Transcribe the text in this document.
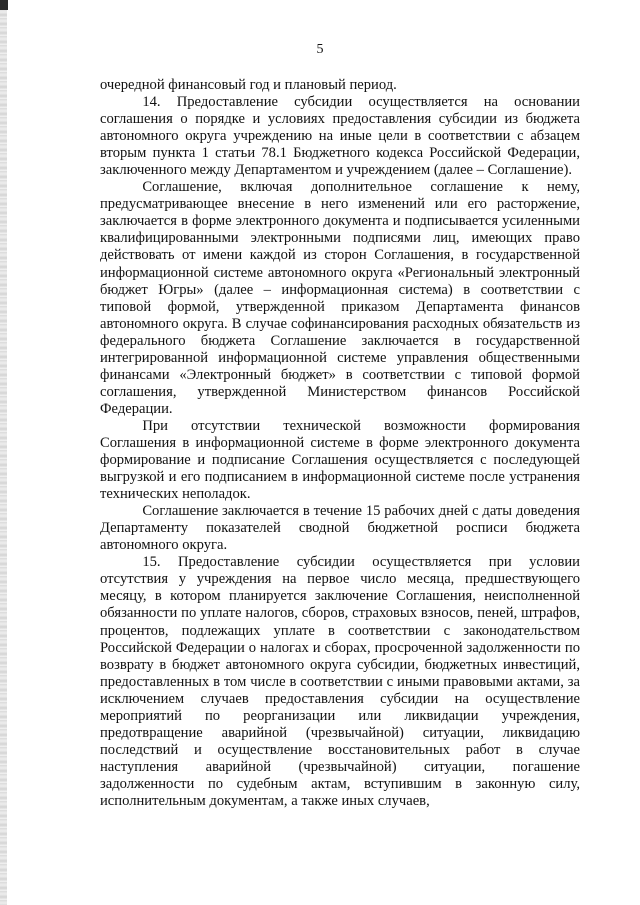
5

очередной финансовый год и плановый период.

14. Предоставление субсидии осуществляется на основании соглашения о порядке и условиях предоставления субсидии из бюджета автономного округа учреждению на иные цели в соответствии с абзацем вторым пункта 1 статьи 78.1 Бюджетного кодекса Российской Федерации, заключенного между Департаментом и учреждением (далее – Соглашение).

Соглашение, включая дополнительное соглашение к нему, предусматривающее внесение в него изменений или его расторжение, заключается в форме электронного документа и подписывается усиленными квалифицированными электронными подписями лиц, имеющих право действовать от имени каждой из сторон Соглашения, в государственной информационной системе автономного округа «Региональный электронный бюджет Югры» (далее – информационная система) в соответствии с типовой формой, утвержденной приказом Департамента финансов автономного округа. В случае софинансирования расходных обязательств из федерального бюджета Соглашение заключается в государственной интегрированной информационной системе управления общественными финансами «Электронный бюджет» в соответствии с типовой формой соглашения, утвержденной Министерством финансов Российской Федерации.

При отсутствии технической возможности формирования Соглашения в информационной системе в форме электронного документа формирование и подписание Соглашения осуществляется с последующей выгрузкой и его подписанием в информационной системе после устранения технических неполадок.

Соглашение заключается в течение 15 рабочих дней с даты доведения Департаменту показателей сводной бюджетной росписи бюджета автономного округа.

15. Предоставление субсидии осуществляется при условии отсутствия у учреждения на первое число месяца, предшествующего месяцу, в котором планируется заключение Соглашения, неисполненной обязанности по уплате налогов, сборов, страховых взносов, пеней, штрафов, процентов, подлежащих уплате в соответствии с законодательством Российской Федерации о налогах и сборах, просроченной задолженности по возврату в бюджет автономного округа субсидии, бюджетных инвестиций, предоставленных в том числе в соответствии с иными правовыми актами, за исключением случаев предоставления субсидии на осуществление мероприятий по реорганизации или ликвидации учреждения, предотвращение аварийной (чрезвычайной) ситуации, ликвидацию последствий и осуществление восстановительных работ в случае наступления аварийной (чрезвычайной) ситуации, погашение задолженности по судебным актам, вступившим в законную силу, исполнительным документам, а также иных случаев,
